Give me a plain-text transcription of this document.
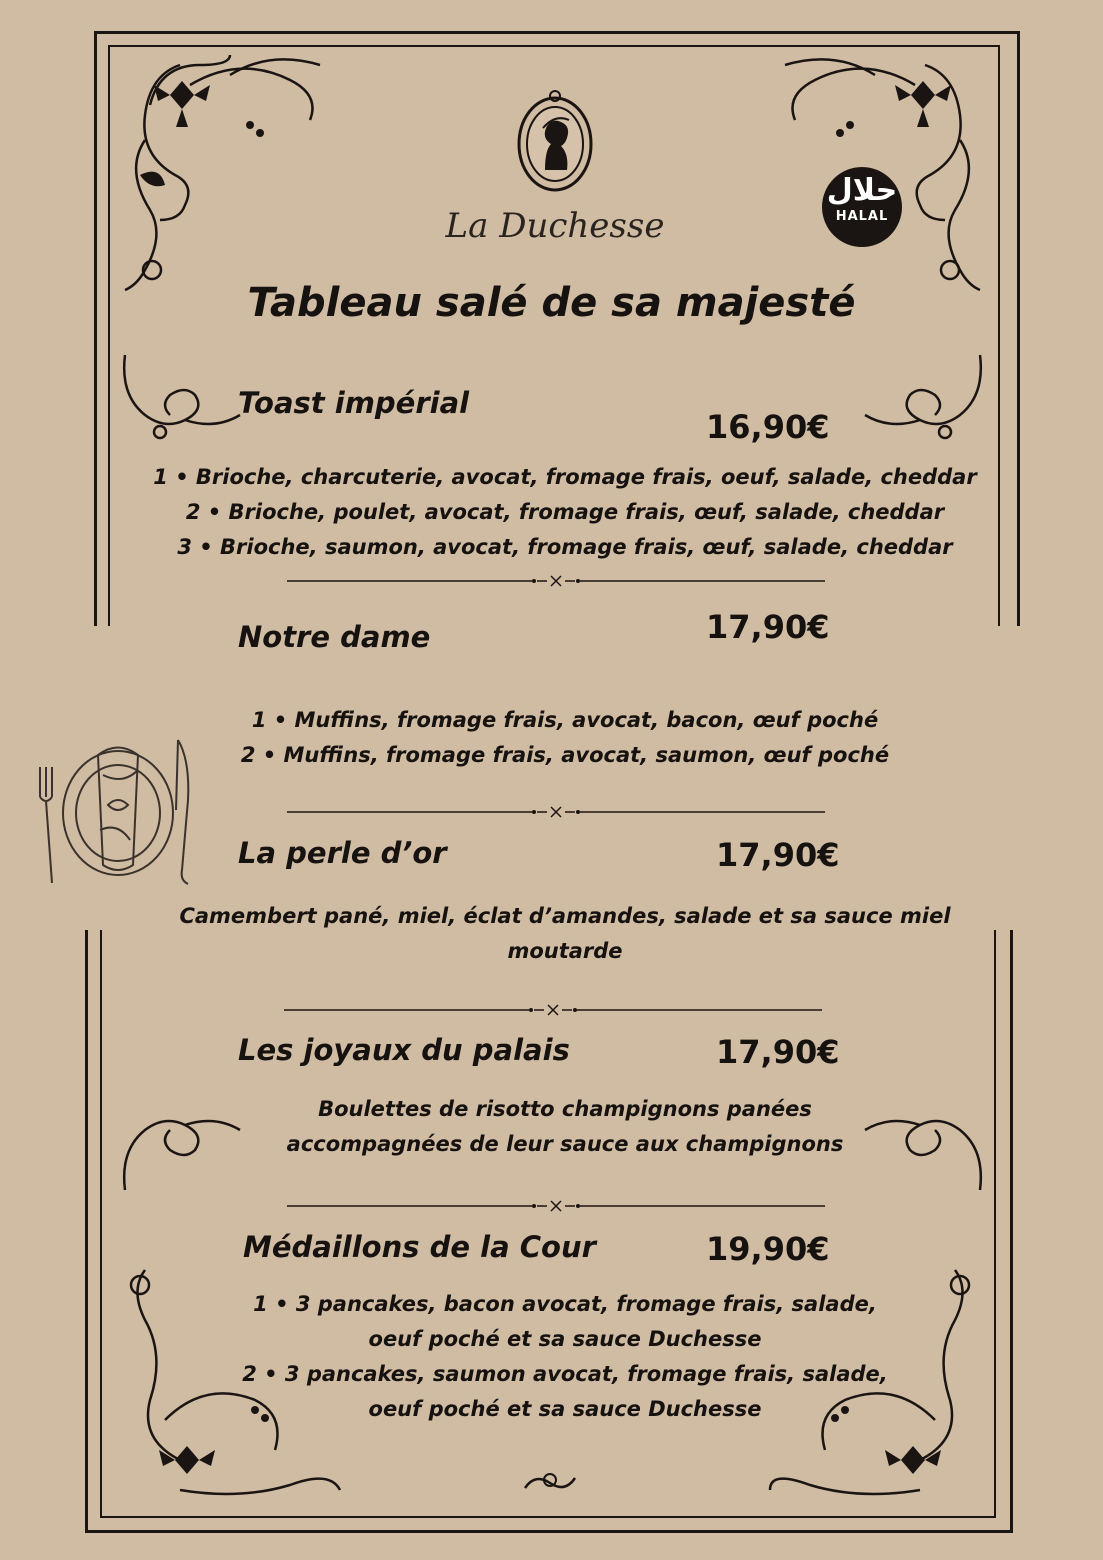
La Duchesse
حلال
HALAL
Tableau salé de sa majesté
Toast impérial
16,90€
1 • Brioche, charcuterie, avocat, fromage frais, oeuf, salade, cheddar
2 • Brioche, poulet, avocat, fromage frais, œuf, salade, cheddar
3 • Brioche, saumon, avocat, fromage frais, œuf, salade, cheddar
Notre dame	17,90€
1 • Muffins, fromage frais, avocat, bacon, œuf poché
2 • Muffins, fromage frais, avocat, saumon, œuf poché
La perle d’or	17,90€
Camembert pané, miel, éclat d’amandes, salade et sa sauce miel
moutarde
Les joyaux du palais	17,90€
Boulettes de risotto champignons panées
accompagnées de leur sauce aux champignons
Médaillons de la Cour	19,90€
1 • 3 pancakes, bacon avocat, fromage frais, salade,
oeuf poché et sa sauce Duchesse
2 • 3 pancakes, saumon avocat, fromage frais, salade,
oeuf poché et sa sauce Duchesse
